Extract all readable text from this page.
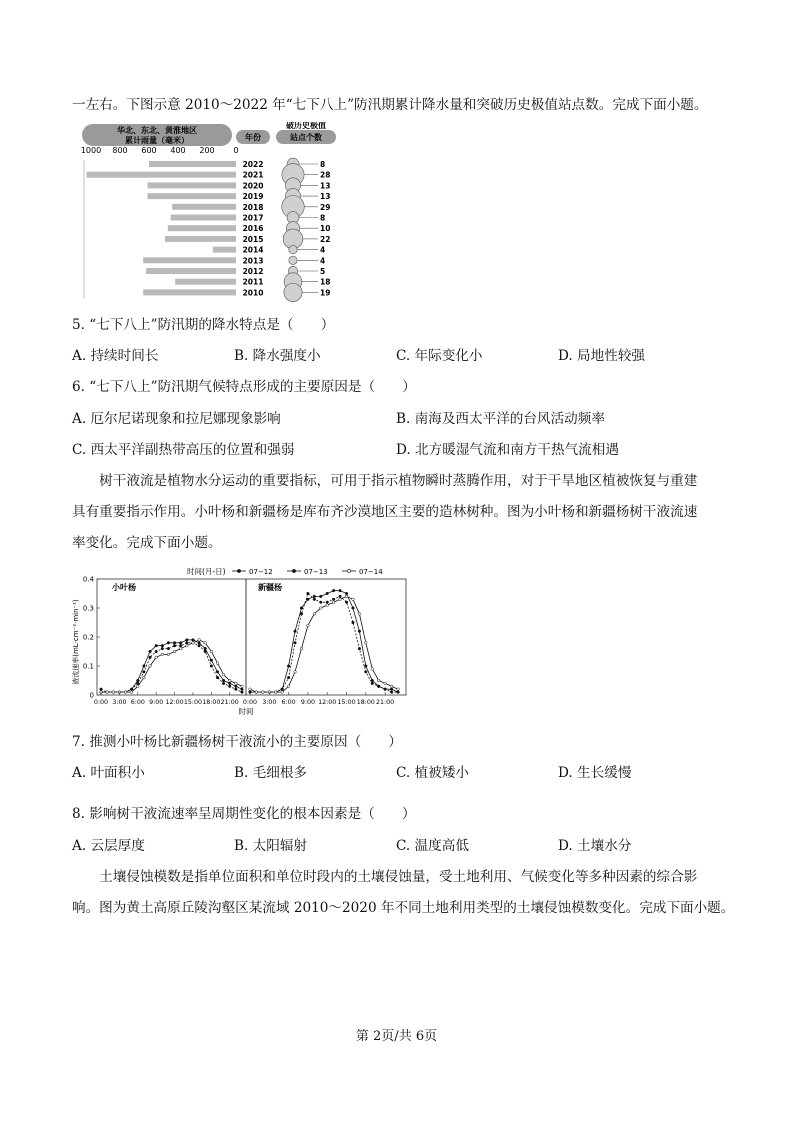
一左右。下图示意 2010～2022 年“七下八上”防汛期累计降水量和突破历史极值站点数。完成下面小题。
华北、东北、黄淮地区
累计雨量（毫米）	年份
破历史极值
站点个数
1000 800 600 400 200 0
2022
2021
2020
2019
2018
2017
2016
2015
2014
2013
2012
2011
2010
8
28
13
13
29
8
10
22
4
4
5
18
19
5. “七下八上”防汛期的降水特点是（　　）
A. 持续时间长	B. 降水强度小	C. 年际变化小	D. 局地性较强
6. “七下八上”防汛期气候特点形成的主要原因是（　　）
A. 厄尔尼诺现象和拉尼娜现象影响	B. 南海及西太平洋的台风活动频率
C. 西太平洋副热带高压的位置和强弱	D. 北方暖湿气流和南方干热气流相遇
　　树干液流是植物水分运动的重要指标，可用于指示植物瞬时蒸腾作用，对于干旱地区植被恢复与重建
具有重要指示作用。小叶杨和新疆杨是库布齐沙漠地区主要的造林树种。图为小叶杨和新疆杨树干液流速
率变化。完成下面小题。
时间(月-日)	07−12	07−13	07−14
液流速率(mL·cm⁻²·min⁻¹)
0.4
0.3
0.2
0.1
0
小叶杨	新疆杨
0:00 3:00 6:00 9:00 12:00 15:00 18:00 21:00 0:00 3:00 6:00 9:00 12:00 15:00 18:00 21:00
时间
7. 推测小叶杨比新疆杨树干液流小的主要原因（　　）
A. 叶面积小	B. 毛细根多	C. 植被矮小	D. 生长缓慢
8. 影响树干液流速率呈周期性变化的根本因素是（　　）
A. 云层厚度	B. 太阳辐射	C. 温度高低	D. 土壤水分
　　土壤侵蚀模数是指单位面积和单位时段内的土壤侵蚀量，受土地利用、气候变化等多种因素的综合影
响。图为黄土高原丘陵沟壑区某流域 2010～2020 年不同土地利用类型的土壤侵蚀模数变化。完成下面小题。
第 2页/共 6页
